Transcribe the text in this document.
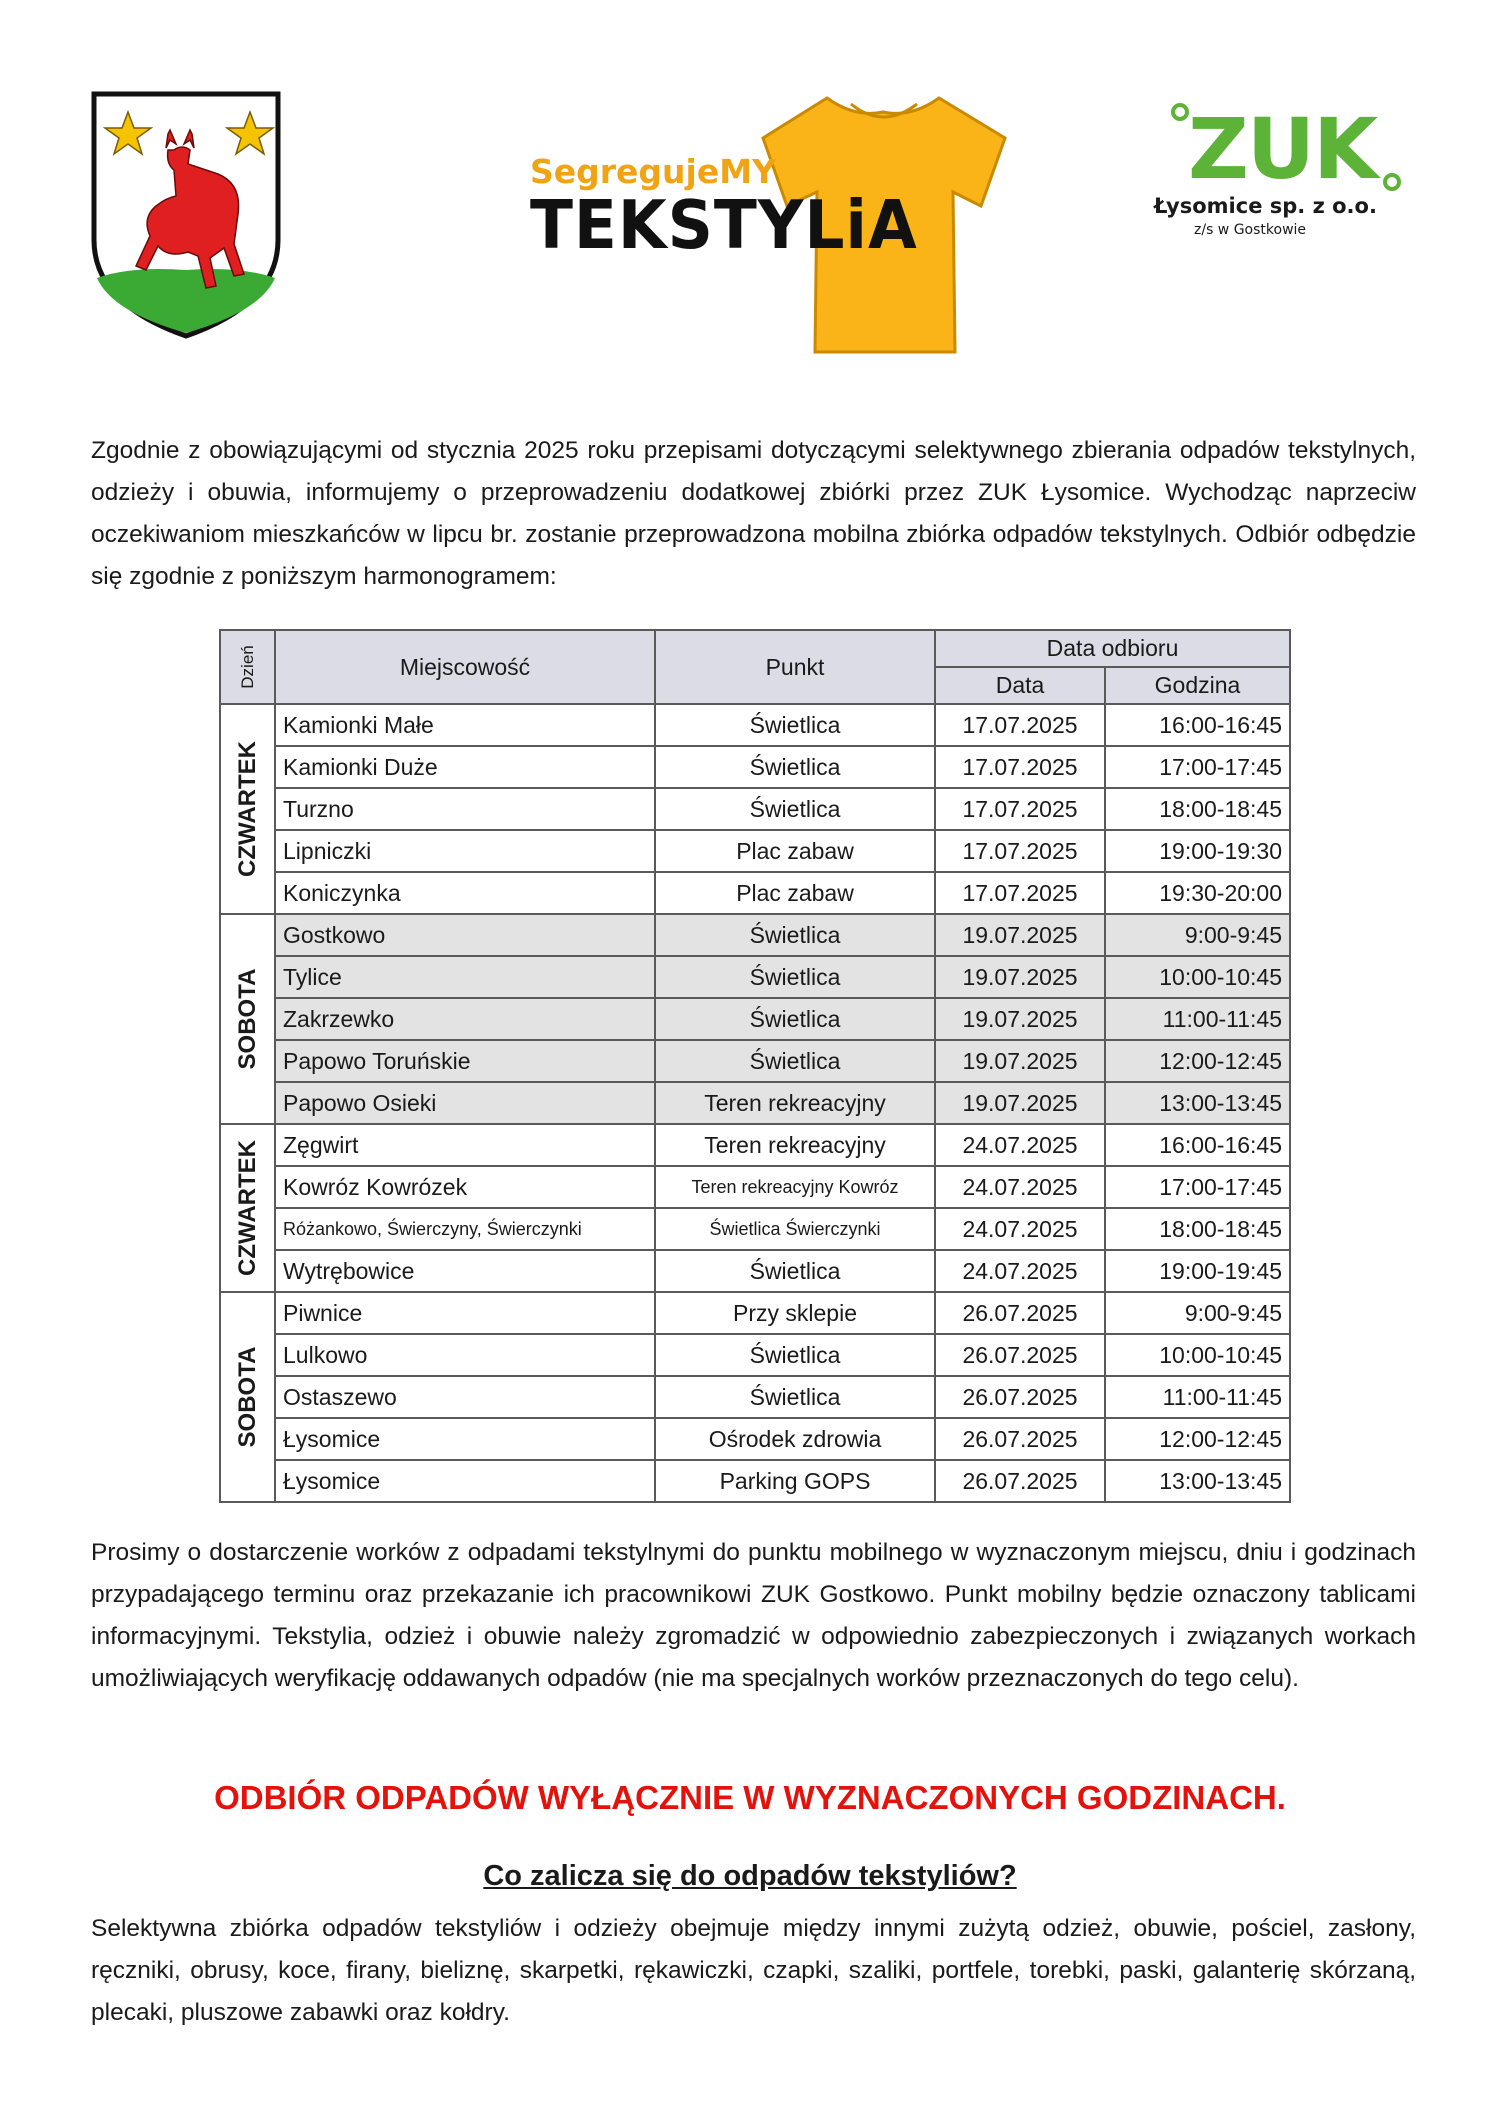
SegregujeMY
TEKSTYLiA
ZUK
Łysomice sp. z o.o.
z/s w Gostkowie
Zgodnie z obowiązującymi od stycznia 2025 roku przepisami dotyczącymi selektywnego zbierania odpadów tekstylnych, odzieży i obuwia, informujemy o przeprowadzeniu dodatkowej zbiórki przez ZUK Łysomice. Wychodząc naprzeciw oczekiwaniom mieszkańców w lipcu br. zostanie przeprowadzona mobilna zbiórka odpadów tekstylnych. Odbiór odbędzie się zgodnie z poniższym harmonogramem:
Dzień	Miejscowość	Punkt	Data odbioru	
			Data	Godzina

CZWARTEK	Kamionki Małe	Świetlica	17.07.2025	16:00-16:45
	Kamionki Duże	Świetlica	17.07.2025	17:00-17:45
	Turzno	Świetlica	17.07.2025	18:00-18:45
	Lipniczki	Plac zabaw	17.07.2025	19:00-19:30
	Koniczynka	Plac zabaw	17.07.2025	19:30-20:00

SOBOTA	Gostkowo	Świetlica	19.07.2025	9:00-9:45
	Tylice	Świetlica	19.07.2025	10:00-10:45
	Zakrzewko	Świetlica	19.07.2025	11:00-11:45
	Papowo Toruńskie	Świetlica	19.07.2025	12:00-12:45
	Papowo Osieki	Teren rekreacyjny	19.07.2025	13:00-13:45

CZWARTEK	Zęgwirt	Teren rekreacyjny	24.07.2025	16:00-16:45
	Kowróz Kowrózek	Teren rekreacyjny Kowróz	24.07.2025	17:00-17:45
	Różankowo, Świerczyny, Świerczynki	Świetlica Świerczynki	24.07.2025	18:00-18:45
	Wytrębowice	Świetlica	24.07.2025	19:00-19:45

SOBOTA	Piwnice	Przy sklepie	26.07.2025	9:00-9:45
	Lulkowo	Świetlica	26.07.2025	10:00-10:45
	Ostaszewo	Świetlica	26.07.2025	11:00-11:45
	Łysomice	Ośrodek zdrowia	26.07.2025	12:00-12:45
	Łysomice	Parking GOPS	26.07.2025	13:00-13:45
Prosimy o dostarczenie worków z odpadami tekstylnymi do punktu mobilnego w wyznaczonym miejscu, dniu i godzinach przypadającego terminu oraz przekazanie ich pracownikowi ZUK Gostkowo. Punkt mobilny będzie oznaczony tablicami informacyjnymi. Tekstylia, odzież i obuwie należy zgromadzić w odpowiednio zabezpieczonych i związanych workach umożliwiających weryfikację oddawanych odpadów (nie ma specjalnych worków przeznaczonych do tego celu).
ODBIÓR ODPADÓW WYŁĄCZNIE W WYZNACZONYCH GODZINACH.
Co zalicza się do odpadów tekstyliów?
Selektywna zbiórka odpadów tekstyliów i odzieży obejmuje między innymi zużytą odzież, obuwie, pościel, zasłony, ręczniki, obrusy, koce, firany, bieliznę, skarpetki, rękawiczki, czapki, szaliki, portfele, torebki, paski, galanterię skórzaną, plecaki, pluszowe zabawki oraz kołdry.
